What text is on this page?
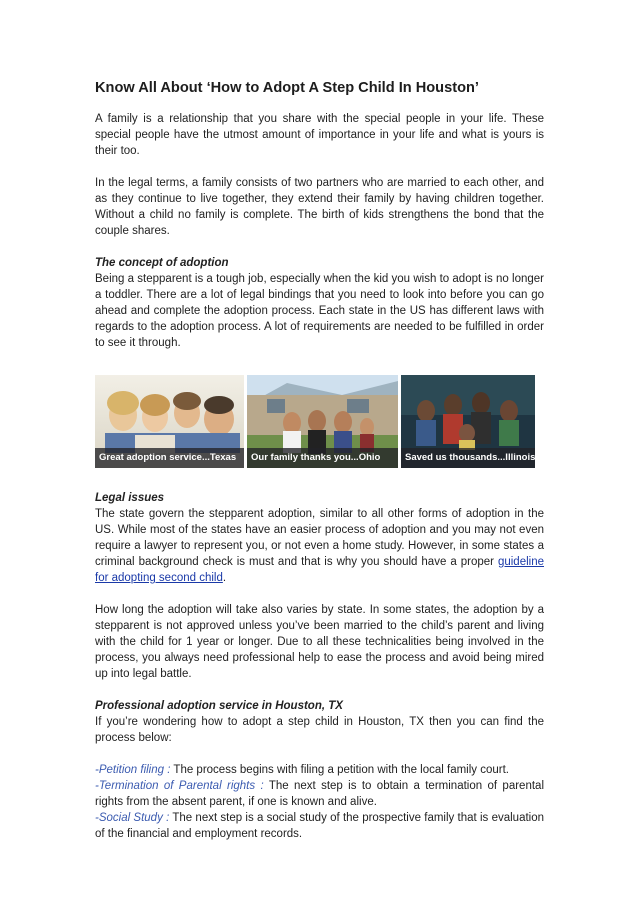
Know All About ‘How to Adopt A Step Child In Houston’

A family is a relationship that you share with the special people in your life. These special people have the utmost amount of importance in your life and what is yours is their too.

In the legal terms, a family consists of two partners who are married to each other, and as they continue to live together, they extend their family by having children together. Without a child no family is complete. The birth of kids strengthens the bond that the couple shares.

The concept of adoption

Being a stepparent is a tough job, especially when the kid you wish to adopt is no longer a toddler. There are a lot of legal bindings that you need to look into before you can go ahead and complete the adoption process. Each state in the US has different laws with regards to the adoption process. A lot of requirements are needed to be fulfilled in order to see it through.

Great adoption service...Texas	Our family thanks you...Ohio	Saved us thousands...Illinois
Legal issues

The state govern the stepparent adoption, similar to all other forms of adoption in the US. While most of the states have an easier process of adoption and you may not even require a lawyer to represent you, or not even a home study. However, in some states a criminal background check is must and that is why you should have a proper guideline for adopting second child.

How long the adoption will take also varies by state. In some states, the adoption by a stepparent is not approved unless you’ve been married to the child’s parent and living with the child for 1 year or longer. Due to all these technicalities being involved in the process, you always need professional help to ease the process and avoid being mired up into legal battle.

Professional adoption service in Houston, TX

If you’re wondering how to adopt a step child in Houston, TX then you can find the process below:

-Petition filing : The process begins with filing a petition with the local family court.

-Termination of Parental rights : The next step is to obtain a termination of parental rights from the absent parent, if one is known and alive.

-Social Study : The next step is a social study of the prospective family that is evaluation of the financial and employment records.
